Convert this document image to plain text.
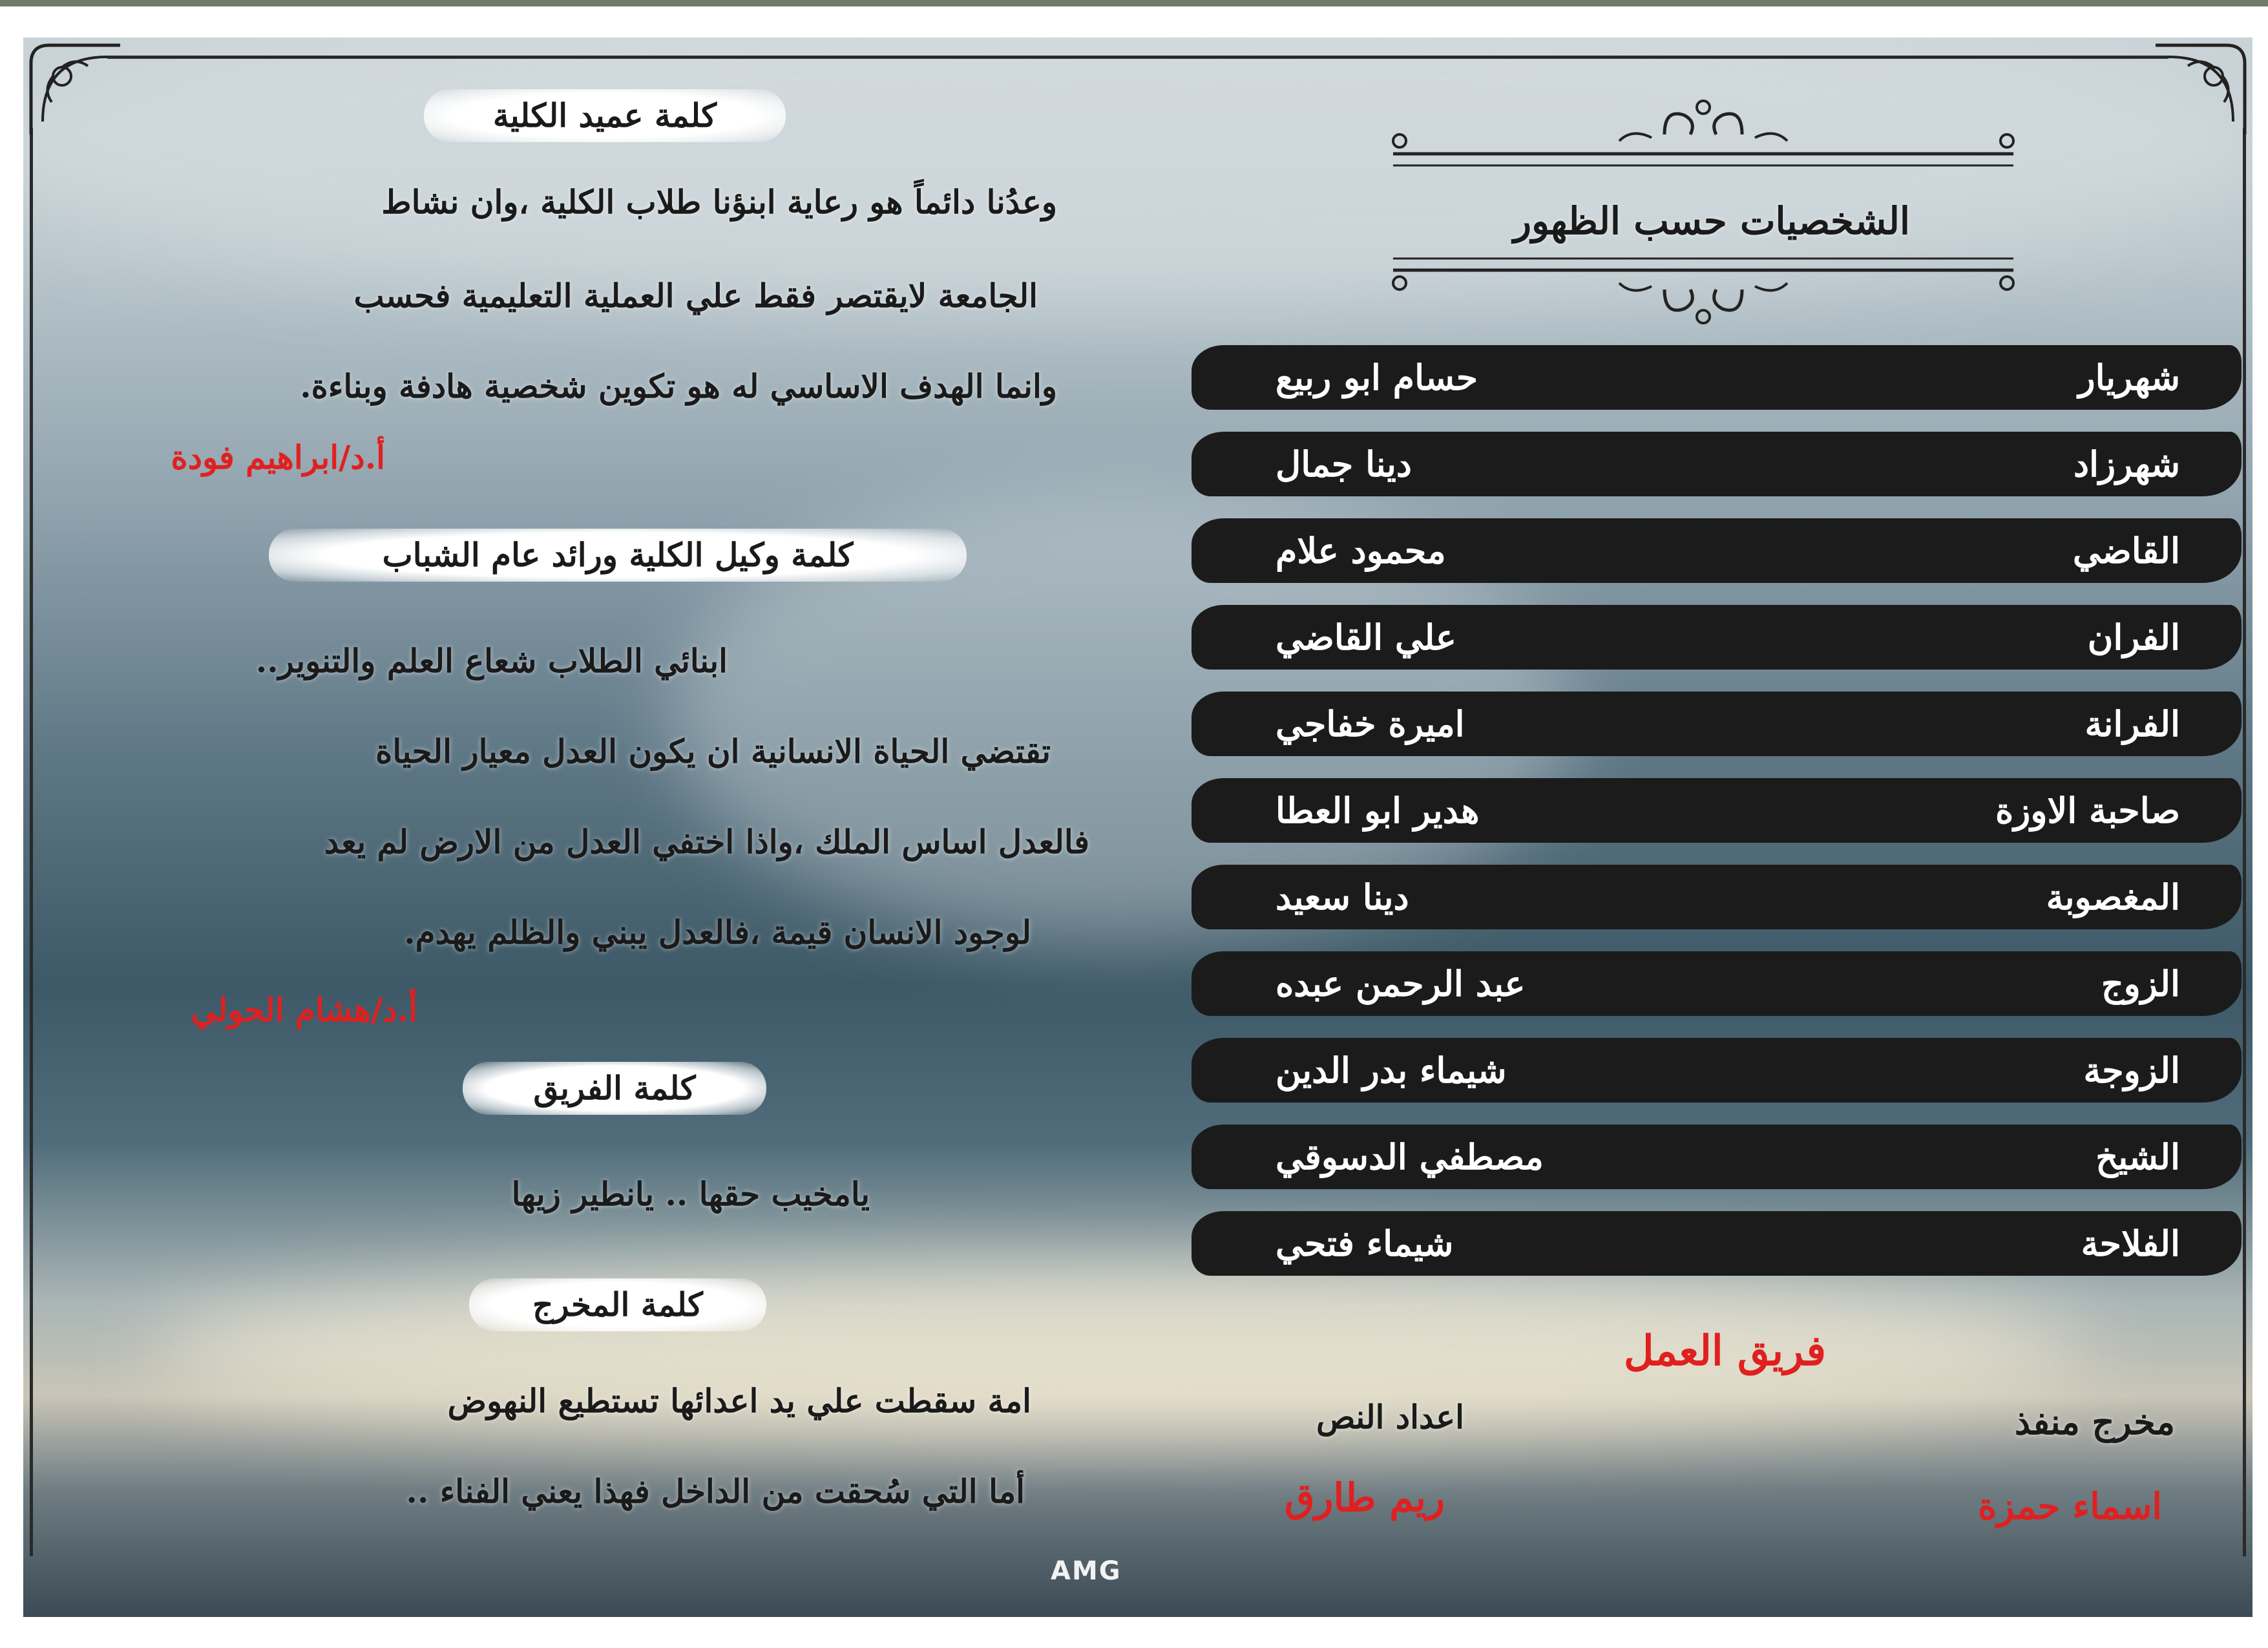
كلمة عميد الكلية
وعدُنا دائماً هو رعاية ابنؤنا طلاب الكلية ،وان نشاط
الجامعة لايقتصر فقط علي العملية التعليمية فحسب
وانما الهدف الاساسي له هو تكوين شخصية هادفة وبناءة.
أ.د/ابراهيم فودة
كلمة وكيل الكلية ورائد عام الشباب
ابنائي الطلاب شعاع العلم والتنوير..
تقتضي الحياة الانسانية ان يكون العدل معيار الحياة
فالعدل اساس الملك ،واذا اختفي العدل من الارض لم يعد
لوجود الانسان قيمة ،فالعدل يبني والظلم يهدم.
أ.د/هشام الحولي
كلمة الفريق
يامخيب حقها .. يانطير زيها
كلمة المخرج
امة سقطت علي يد اعدائها تستطيع النهوض
أما التي سُحقت من الداخل فهذا يعني الفناء ..
الشخصيات حسب الظهور
شهريار
حسام ابو ربيع
شهرزاد
دينا جمال
القاضي
محمود علام
الفران
علي القاضي
الفرانة
اميرة خفاجي
صاحبة الاوزة
هدير ابو العطا
المغصوبة
دينا سعيد
الزوج
عبد الرحمن عبده
الزوجة
شيماء بدر الدين
الشيخ
مصطفي الدسوقي
الفلاحة
شيماء فتحي
فريق العمل
مخرج منفذ
اسماء حمزة
اعداد النص
ريم طارق
AMG
